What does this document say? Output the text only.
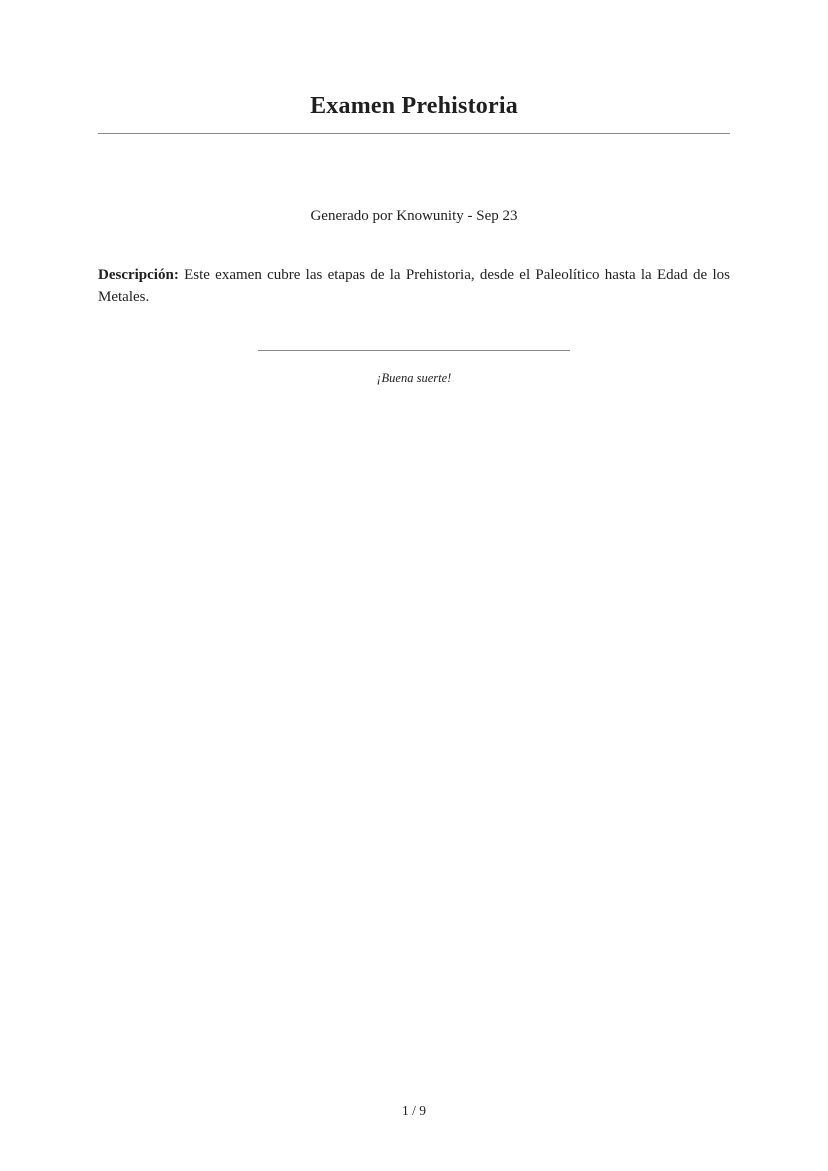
Examen Prehistoria

Generado por Knowunity - Sep 23

Descripción: Este examen cubre las etapas de la Prehistoria, desde el Paleolítico hasta la Edad de los Metales.

¡Buena suerte!

1 / 9
